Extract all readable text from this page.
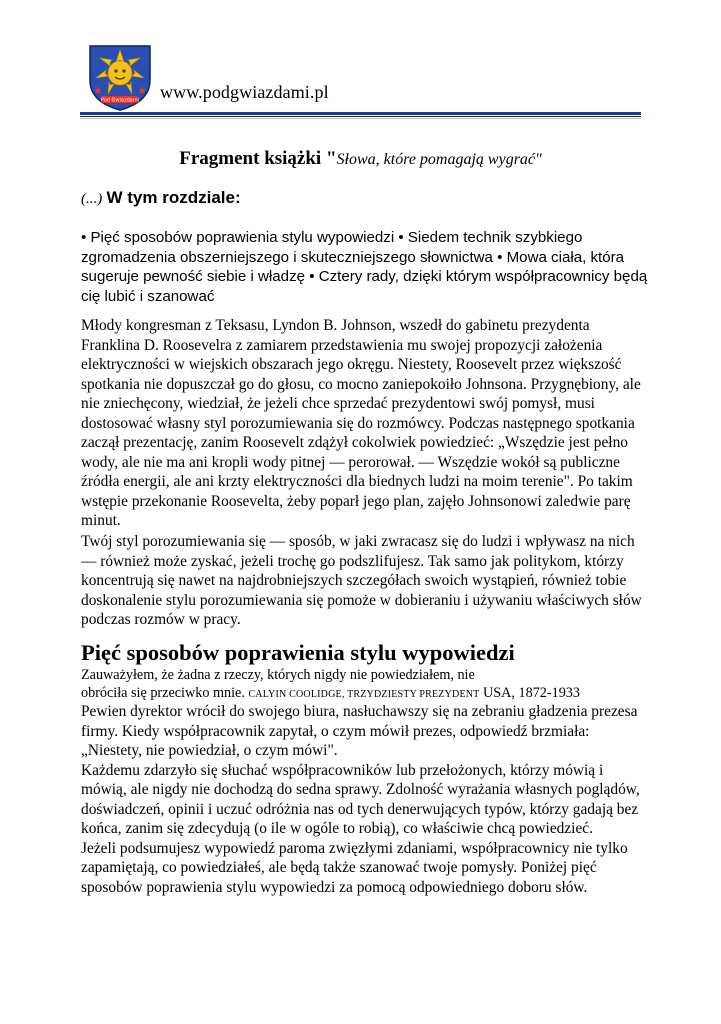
Pod Gwiazdami www.podgwiazdami.pl
Fragment książki "Słowa, które pomagają wygrać"
(...) W tym rozdziale:
• Pięć sposobów poprawienia stylu wypowiedzi • Siedem technik szybkiego zgromadzenia obszerniejszego i skuteczniejszego słownictwa • Mowa ciała, która sugeruje pewność siebie i władzę • Cztery rady, dzięki którym współpracownicy będą cię lubić i szanować
Młody kongresman z Teksasu, Lyndon B. Johnson, wszedł do gabinetu prezydenta Franklina D. Roosevelra z zamiarem przedstawienia mu swojej propozycji założenia elektryczności w wiejskich obszarach jego okręgu. Niestety, Roosevelt przez większość spotkania nie dopuszczał go do głosu, co mocno zaniepokoiło Johnsona. Przygnębiony, ale nie zniechęcony, wiedział, że jeżeli chce sprzedać prezydentowi swój pomysł, musi dostosować własny styl porozumiewania się do rozmówcy. Podczas następnego spotkania zaczął prezentację, zanim Roosevelt zdążył cokolwiek powiedzieć: „Wszędzie jest pełno wody, ale nie ma ani kropli wody pitnej — perorował. — Wszędzie wokół są publiczne źródła energii, ale ani krzty elektryczności dla biednych ludzi na moim terenie". Po takim wstępie przekonanie Roosevelta, żeby poparł jego plan, zajęło Johnsonowi zaledwie parę minut.
Twój styl porozumiewania się — sposób, w jaki zwracasz się do ludzi i wpływasz na nich — również może zyskać, jeżeli trochę go podszlifujesz. Tak samo jak politykom, którzy koncentrują się nawet na najdrobniejszych szczegółach swoich wystąpień, również tobie doskonalenie stylu porozumiewania się pomoże w dobieraniu i używaniu właściwych słów podczas rozmów w pracy.
Pięć sposobów poprawienia stylu wypowiedzi
Zauważyłem, że żadna z rzeczy, których nigdy nie powiedziałem, nie
obróciła się przeciwko mnie. CALYIN COOLIDGE, TRZYDZIESTY PREZYDENT USA, 1872-1933
Pewien dyrektor wrócił do swojego biura, nasłuchawszy się na zebraniu gładzenia prezesa firmy. Kiedy współpracownik zapytał, o czym mówił prezes, odpowiedź brzmiała: „Niestety, nie powiedział, o czym mówi".
Każdemu zdarzyło się słuchać współpracowników lub przełożonych, którzy mówią i mówią, ale nigdy nie dochodzą do sedna sprawy. Zdolność wyrażania własnych poglądów, doświadczeń, opinii i uczuć odróżnia nas od tych denerwujących typów, którzy gadają bez końca, zanim się zdecydują (o ile w ogóle to robią), co właściwie chcą powiedzieć.
Jeżeli podsumujesz wypowiedź paroma zwięzłymi zdaniami, współpracownicy nie tylko zapamiętają, co powiedziałeś, ale będą także szanować twoje pomysły. Poniżej pięć sposobów poprawienia stylu wypowiedzi za pomocą odpowiedniego doboru słów.
